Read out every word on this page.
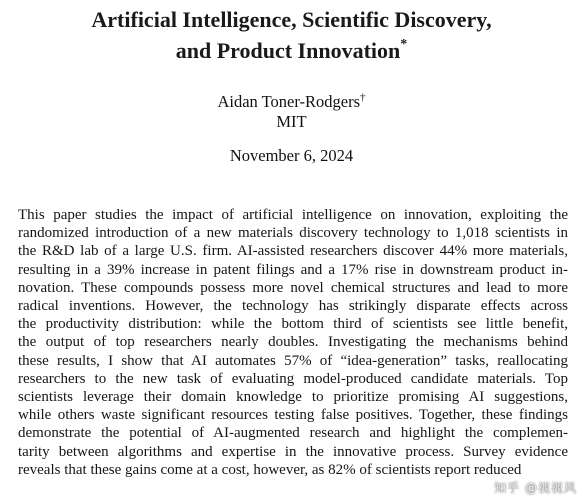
Artificial Intelligence, Scientific Discovery,
and Product Innovation*
Aidan Toner-Rodgers†
MIT
November 6, 2024
This paper studies the impact of artificial intelligence on innovation, exploiting the
randomized introduction of a new materials discovery technology to 1,018 scientists in
the R&D lab of a large U.S. firm. AI-assisted researchers discover 44% more materials,
resulting in a 39% increase in patent filings and a 17% rise in downstream product in-
novation. These compounds possess more novel chemical structures and lead to more
radical inventions. However, the technology has strikingly disparate effects across
the productivity distribution: while the bottom third of scientists see little benefit,
the output of top researchers nearly doubles. Investigating the mechanisms behind
these results, I show that AI automates 57% of “idea-generation” tasks, reallocating
researchers to the new task of evaluating model-produced candidate materials. Top
scientists leverage their domain knowledge to prioritize promising AI suggestions,
while others waste significant resources testing false positives. Together, these findings
demonstrate the potential of AI-augmented research and highlight the complemen-
tarity between algorithms and expertise in the innovative process. Survey evidence
reveals that these gains come at a cost, however, as 82% of scientists report reduced
知乎 @视视风
